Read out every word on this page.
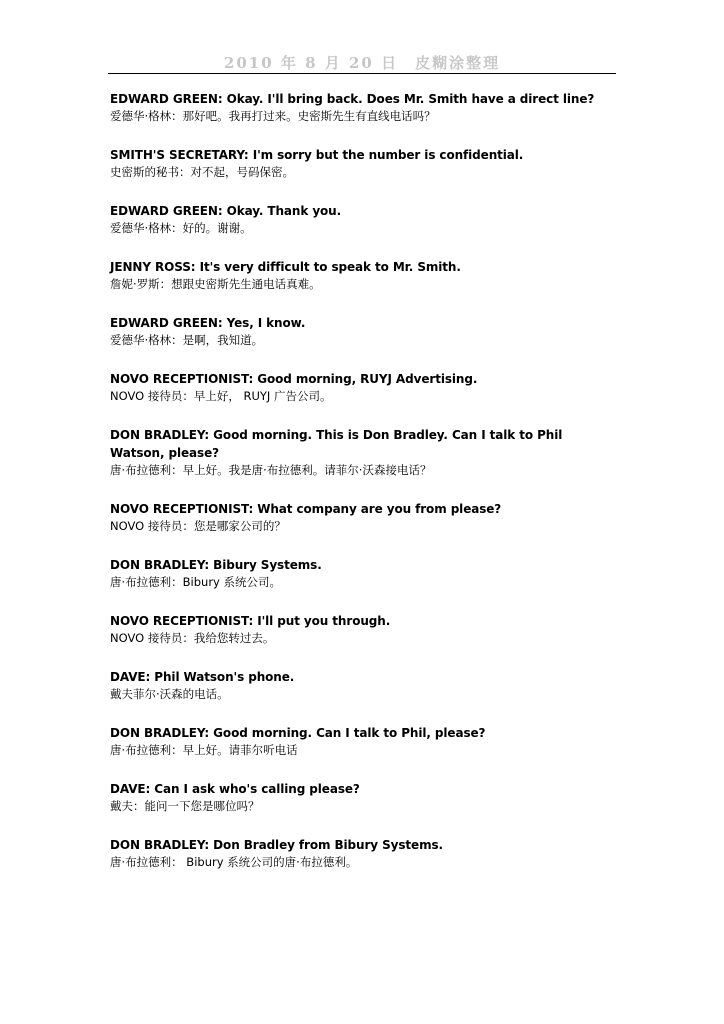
2010 年 8 月 20 日　皮糊涂整理
EDWARD GREEN: Okay. I'll bring back. Does Mr. Smith have a direct line?
爱德华·格林：那好吧。我再打过来。史密斯先生有直线电话吗？
SMITH'S SECRETARY: I'm sorry but the number is confidential.
史密斯的秘书：对不起，号码保密。
EDWARD GREEN: Okay. Thank you.
爱德华·格林：好的。谢谢。
JENNY ROSS: It's very difficult to speak to Mr. Smith.
詹妮·罗斯：想跟史密斯先生通电话真难。
EDWARD GREEN: Yes, I know.
爱德华·格林：是啊，我知道。
NOVO RECEPTIONIST: Good morning, RUYJ Advertising.
NOVO 接待员：早上好， RUYJ 广告公司。
DON BRADLEY: Good morning. This is Don Bradley. Can I talk to Phil Watson, please?
唐·布拉德利：早上好。我是唐·布拉德利。请菲尔·沃森接电话？
NOVO RECEPTIONIST: What company are you from please?
NOVO 接待员：您是哪家公司的？
DON BRADLEY: Bibury Systems.
唐·布拉德利：Bibury 系统公司。
NOVO RECEPTIONIST: I'll put you through.
NOVO 接待员：我给您转过去。
DAVE: Phil Watson's phone.
戴夫菲尔·沃森的电话。
DON BRADLEY: Good morning. Can I talk to Phil, please?
唐·布拉德利：早上好。请菲尔听电话
DAVE: Can I ask who's calling please?
戴夫：能问一下您是哪位吗？
DON BRADLEY: Don Bradley from Bibury Systems.
唐·布拉德利： Bibury 系统公司的唐·布拉德利。
